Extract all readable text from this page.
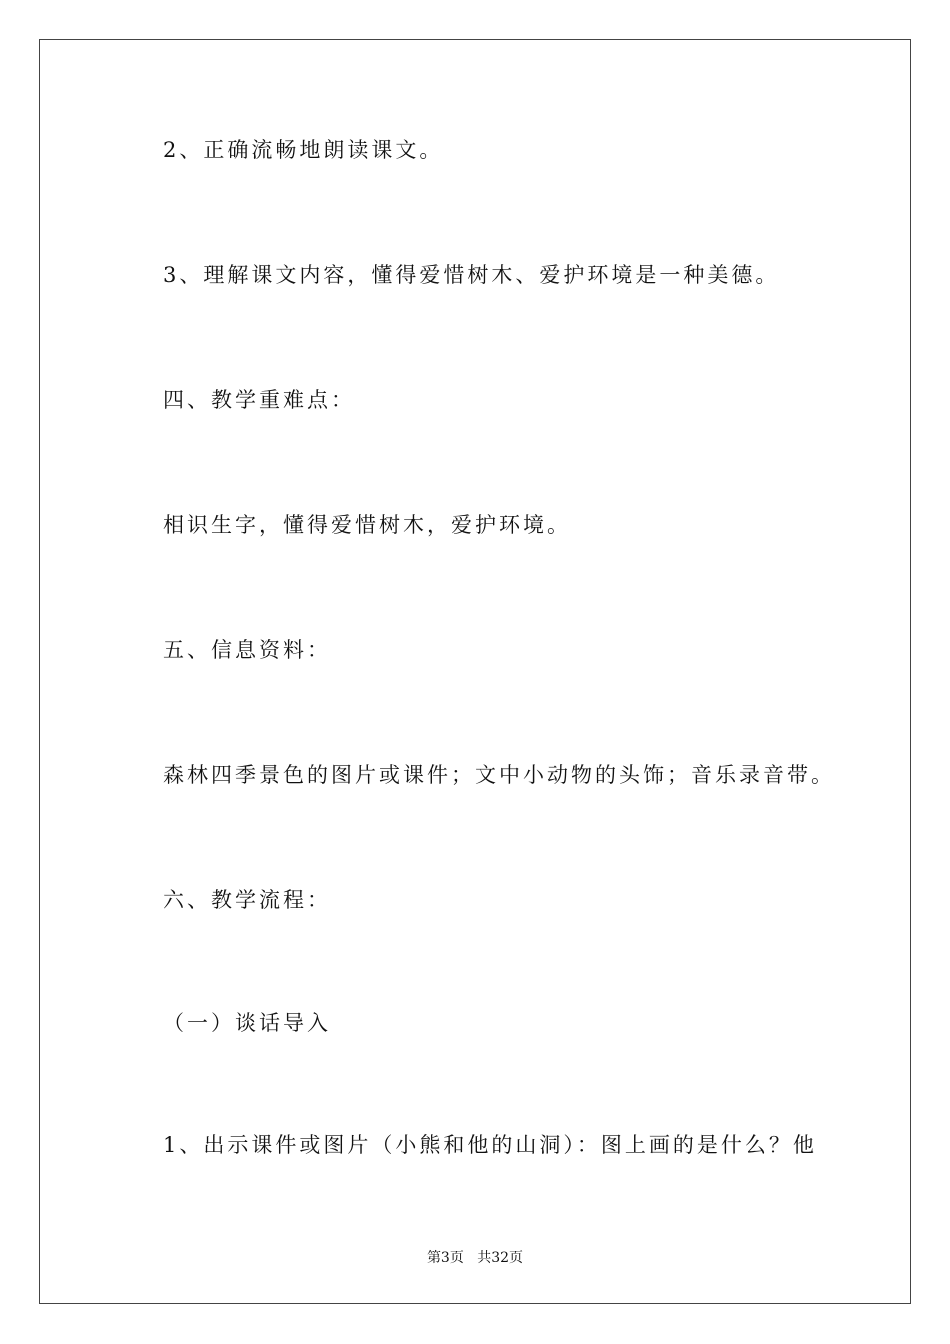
2、正确流畅地朗读课文。
3、理解课文内容，懂得爱惜树木、爱护环境是一种美德。
四、教学重难点：
相识生字，懂得爱惜树木，爱护环境。
五、信息资料：
森林四季景色的图片或课件；文中小动物的头饰；音乐录音带。
六、教学流程：
（一）谈话导入
1、出示课件或图片（小熊和他的山洞）：图上画的是什么？他
第3页 共32页
